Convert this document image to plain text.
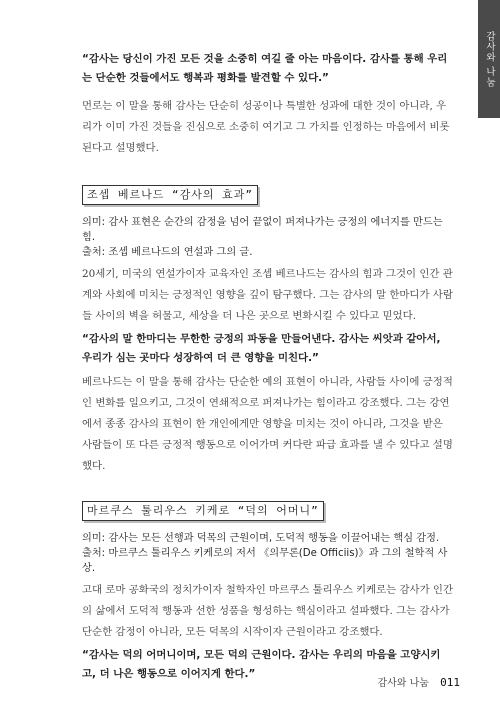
감사와 나눔

“감사는 당신이 가진 모든 것을 소중히 여길 줄 아는 마음이다. 감사를 통해 우리는 단순한 것들에서도 행복과 평화를 발견할 수 있다.”

먼로는 이 말을 통해 감사는 단순히 성공이나 특별한 성과에 대한 것이 아니라, 우리가 이미 가진 것들을 진심으로 소중히 여기고 그 가치를 인정하는 마음에서 비롯된다고 설명했다.

조셉 베르나드 “감사의 효과”

의미: 감사 표현은 순간의 감정을 넘어 끝없이 퍼져나가는 긍정의 에너지를 만드는 힘.

출처: 조셉 베르나드의 연설과 그의 글.

20세기, 미국의 연설가이자 교육자인 조셉 베르나드는 감사의 힘과 그것이 인간 관계와 사회에 미치는 긍정적인 영향을 깊이 탐구했다. 그는 감사의 말 한마디가 사람들 사이의 벽을 허물고, 세상을 더 나은 곳으로 변화시킬 수 있다고 믿었다.

“감사의 말 한마디는 무한한 긍정의 파동을 만들어낸다. 감사는 씨앗과 같아서, 우리가 심는 곳마다 성장하여 더 큰 영향을 미친다.”

베르나드는 이 말을 통해 감사는 단순한 예의 표현이 아니라, 사람들 사이에 긍정적인 변화를 일으키고, 그것이 연쇄적으로 퍼져나가는 힘이라고 강조했다. 그는 강연에서 종종 감사의 표현이 한 개인에게만 영향을 미치는 것이 아니라, 그것을 받은 사람들이 또 다른 긍정적 행동으로 이어가며 커다란 파급 효과를 낼 수 있다고 설명했다.

마르쿠스 툴리우스 키케로 “덕의 어머니”

의미: 감사는 모든 선행과 덕목의 근원이며, 도덕적 행동을 이끌어내는 핵심 감정.

출처: 마르쿠스 툴리우스 키케로의 저서 《의무론(De Officiis)》과 그의 철학적 사상.

고대 로마 공화국의 정치가이자 철학자인 마르쿠스 툴리우스 키케로는 감사가 인간의 삶에서 도덕적 행동과 선한 성품을 형성하는 핵심이라고 설파했다. 그는 감사가 단순한 감정이 아니라, 모든 덕목의 시작이자 근원이라고 강조했다.

“감사는 덕의 어머니이며, 모든 덕의 근원이다. 감사는 우리의 마음을 고양시키고, 더 나은 행동으로 이어지게 한다.”

감사와 나눔 011
